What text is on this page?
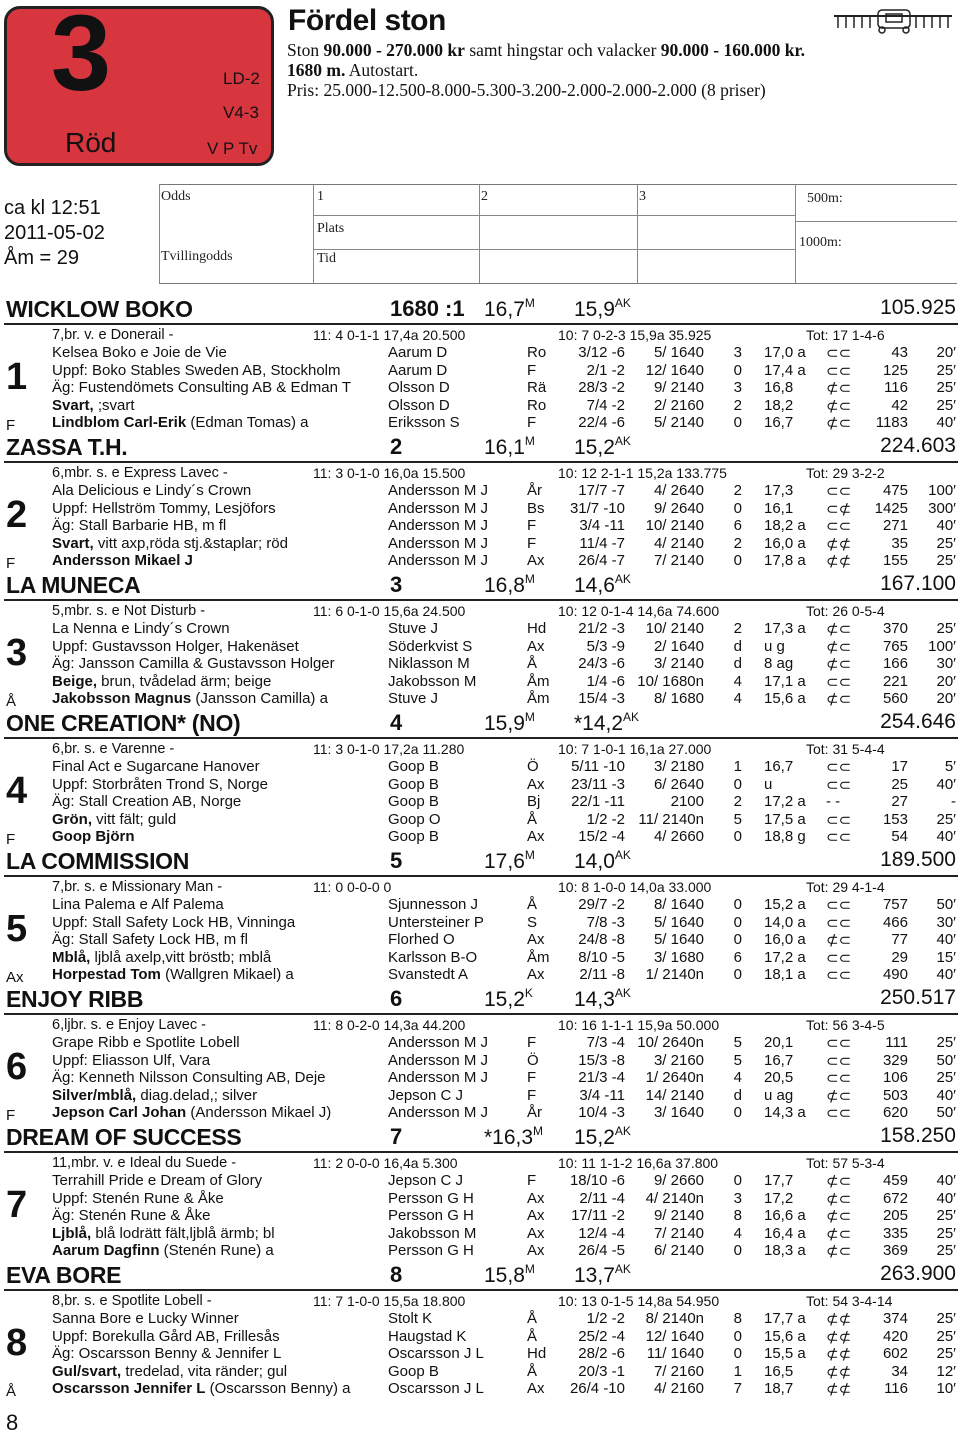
3
Röd
LD-2
V4-3
V P Tv
Fördel ston
Ston 90.000 - 270.000 kr samt hingstar och valacker 90.000 - 160.000 kr.
1680 m. Autostart.
Pris: 25.000-12.500-8.000-5.300-3.200-2.000-2.000-2.000 (8 priser)
ca kl 12:51
2011-05-02
Åm = 29
Odds
Tvillingodds
1	2	3
Plats
Tid
500m:
1000m:
WICKLOW BOKO	1680 :1 $16,7^M$ $15,9^{AK}$	105.925
7,br. v. e Donerail -	11: 4 0-1-1 17,4a 20.500	10: 7 0-2-3 15,9a 35.925	Tot: 17 1-4-6
1
F
Kelsea Boko e Joie de Vie
Uppf: Boko Stables Sweden AB, Stockholm
Äg: Fustendömets Consulting AB & Edman T
Svart, ;svart
Lindblom Carl-Erik (Edman Tomas) a
Aarum D	Ro	3/12 -6	5/ 1640	3 17,0 a ⊂⊂	43	20′
Aarum D	F	2/1 -2	12/ 1640	0 17,4 a ⊂⊂	125	25′
Olsson D	Rä	28/3 -2	9/ 2140	3 16,8 ⊄⊂	116	25′
Olsson D	Ro	7/4 -2	2/ 2160	2 18,2 ⊄⊂	42	25′
Eriksson S	F	22/4 -6	5/ 2140	0 16,7 ⊄⊂	1183	40′
ZASSA T.H.	2	$16,1^M$ $15,2^{AK}$	224.603
6,mbr. s. e Express Lavec -	11: 3 0-1-0 16,0a 15.500	10: 12 2-1-1 15,2a 133.775	Tot: 29 3-2-2
2
F
Ala Delicious e Lindy´s Crown
Uppf: Hellström Tommy, Lesjöfors
Äg: Stall Barbarie HB, m fl
Svart, vitt axp,röda stj.&staplar; röd
Andersson Mikael J
Andersson M J	År	17/7 -7	4/ 2640	2 17,3 ⊂⊂	475	100′
Andersson M J	Bs	31/7 -10	9/ 2640	0 16,1 ⊂⊄	1425	300′
Andersson M J	F	3/4 -11	10/ 2140	6 18,2 a ⊂⊂	271	40′
Andersson M J	F	11/4 -7	4/ 2140	2 16,0 a ⊄⊄	35	25′
Andersson M J	Ax	26/4 -7	7/ 2140	0 17,8 a ⊄⊄	155	25′
LA MUNECA	3	$16,8^M$ $14,6^{AK}$	167.100
5,mbr. s. e Not Disturb -	11: 6 0-1-0 15,6a 24.500	10: 12 0-1-4 14,6a 74.600	Tot: 26 0-5-4
3
Å
La Nenna e Lindy´s Crown
Uppf: Gustavsson Holger, Hakenäset
Äg: Jansson Camilla & Gustavsson Holger
Beige, brun, tvådelad ärm; beige
Jakobsson Magnus (Jansson Camilla) a
Stuve J	Hd	21/2 -3	10/ 2140	2 17,3 a ⊄⊂	370	25′
Söderkvist S	Ax	5/3 -9	2/ 1640	d u g	⊄⊂	765	100′
Niklasson M	Å	24/3 -6	3/ 2140	d 8 ag ⊄⊂	166	30′
Jakobsson M	Åm	1/4 -6 10/ 1680n	4 17,1 a ⊂⊂	221	20′
Stuve J	Åm	15/4 -3	8/ 1680	4 15,6 a ⊄⊂	560	20′
ONE CREATION* (NO)	4	$15,9^M$ $*14,2^{AK}$	254.646
6,br. s. e Varenne -	11: 3 0-1-0 17,2a 11.280	10: 7 1-0-1 16,1a 27.000	Tot: 31 5-4-4
4
F
Final Act e Sugarcane Hanover
Uppf: Storbråten Trond S, Norge
Äg: Stall Creation AB, Norge
Grön, vitt fält; guld
Goop Björn
Goop B	Ö	5/11 -10	3/ 2180	1 16,7 ⊂⊂	17	5′
Goop B	Ax	23/11 -3	6/ 2640	0 u	⊂⊂	25	40′
Goop B	Bj	22/1 -11	2100	2 17,2 a - -	27	-
Goop O	Å	1/2 -2 11/ 2140n	5 17,5 a ⊂⊂	153	25′
Goop B	Ax	15/2 -4	4/ 2660	0 18,8 g ⊂⊂	54	40′
LA COMMISSION	5	$17,6^M$ $14,0^{AK}$	189.500
7,br. s. e Missionary Man -	11: 0 0-0-0 0	10: 8 1-0-0 14,0a 33.000	Tot: 29 4-1-4
5
Ax
Lina Palema e Alf Palema
Uppf: Stall Safety Lock HB, Vinninga
Äg: Stall Safety Lock HB, m fl
Mblå, ljblå axelp,vitt bröstb; mblå
Horpestad Tom (Wallgren Mikael) a
Sjunnesson J	Å	29/7 -2	8/ 1640	0 15,2 a ⊂⊂	757	50′
Untersteiner P	S	7/8 -3	5/ 1640	0 14,0 a ⊂⊂	466	30′
Florhed O	Ax	24/8 -8	5/ 1640	0 16,0 a ⊄⊂	77	40′
Karlsson B-O	Åm	8/10 -5	3/ 1680	6 17,2 a ⊂⊂	29	15′
Svanstedt A	Ax	2/11 -8	1/ 2140n	0 18,1 a ⊂⊂	490	40′
ENJOY RIBB	6	$15,2^K$ $14,3^{AK}$	250.517
6,ljbr. s. e Enjoy Lavec -	11: 8 0-2-0 14,3a 44.200	10: 16 1-1-1 15,9a 50.000	Tot: 56 3-4-5
6
F
Grape Ribb e Spotlite Lobell
Uppf: Eliasson Ulf, Vara
Äg: Kenneth Nilsson Consulting AB, Deje
Silver/mblå, diag.delad,; silver
Jepson Carl Johan (Andersson Mikael J)
Andersson M J	F	7/3 -4 10/ 2640n	5 20,1 ⊂⊂	111	25′
Andersson M J	Ö	15/3 -8	3/ 2160	5 16,7 ⊂⊂	329	50′
Andersson M J	F	21/3 -4	1/ 2640n	4 20,5 ⊂⊂	106	25′
Jepson C J	F	3/4 -11	14/ 2140	d u ag ⊄⊂	503	40′
Andersson M J	År	10/4 -3	3/ 1640	0 14,3 a ⊂⊂	620	50′
DREAM OF SUCCESS	7	$*16,3^M$ $15,2^{AK}$	158.250
11,mbr. v. e Ideal du Suede -	11: 2 0-0-0 16,4a 5.300	10: 11 1-1-2 16,6a 37.800	Tot: 57 5-3-4
7
Terrahill Pride e Dream of Glory
Uppf: Stenén Rune & Åke
Äg: Stenén Rune & Åke
Ljblå, blå lodrätt fält,ljblå ärmb; bl
Aarum Dagfinn (Stenén Rune) a
Jepson C J	F	18/10 -6	9/ 2660	0 17,7 ⊄⊂	459	40′
Persson G H	Ax	2/11 -4	4/ 2140n	3 17,2 ⊄⊂	672	40′
Persson G H	Ax	17/11 -2	9/ 2140	8 16,6 a ⊄⊂	205	25′
Jakobsson M	Ax	12/4 -4	7/ 2140	4 16,4 a ⊄⊂	335	25′
Persson G H	Ax	26/4 -5	6/ 2140	0 18,3 a ⊄⊂	369	25′
EVA BORE	8	$15,8^M$ $13,7^{AK}$	263.900
8,br. s. e Spotlite Lobell -	11: 7 1-0-0 15,5a 18.800	10: 13 0-1-5 14,8a 54.950	Tot: 54 3-4-14
8
Å
Sanna Bore e Lucky Winner
Uppf: Borekulla Gård AB, Frillesås
Äg: Oscarsson Benny & Jennifer L
Gul/svart, tredelad, vita ränder; gul
Oscarsson Jennifer L (Oscarsson Benny) a
Stolt K	Å	1/2 -2	8/ 2140n	8 17,7 a ⊄⊄	374	25′
Haugstad K	Å	25/2 -4	12/ 1640	0 15,6 a ⊄⊄	420	25′
Oscarsson J L	Hd	28/2 -6	11/ 1640	0 15,5 a ⊄⊄	602	25′
Goop B	Å	20/3 -1	7/ 2160	1 16,5 ⊄⊄	34	12′
Oscarsson J L	Ax	26/4 -10	4/ 2160	7 18,7 ⊄⊄	116	10′
8
